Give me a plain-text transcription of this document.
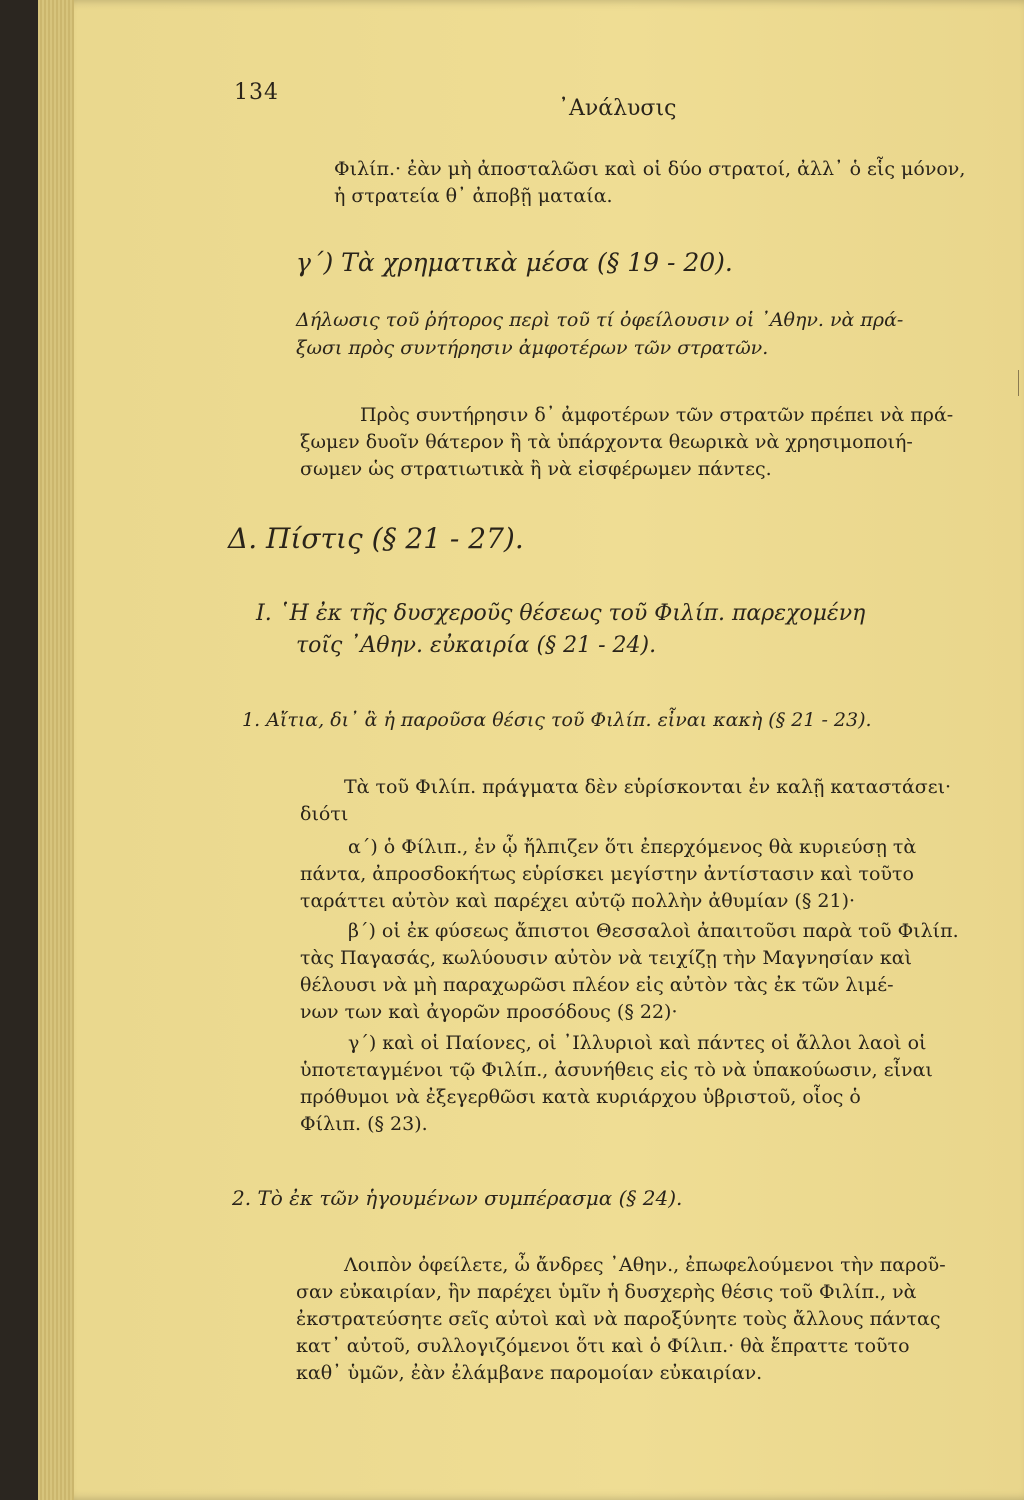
134
᾿Ανάλυσις
Φιλίπ.· ἐὰν μὴ ἀποσταλῶσι καὶ οἱ δύο στρατοί, ἀλλ᾿ ὁ εἷς μόνον,
ἡ στρατεία θ᾿ ἀποβῇ ματαία.
γ΄) Τὰ χρηματικὰ μέσα (§ 19 - 20).
Δήλωσις τοῦ ῥήτορος περὶ τοῦ τί ὀφείλουσιν οἱ ᾿Αθην. νὰ πρά-
ξωσι πρὸς συντήρησιν ἀμφοτέρων τῶν στρατῶν.
Πρὸς συντήρησιν δ᾿ ἀμφοτέρων τῶν στρατῶν πρέπει νὰ πρά-
ξωμεν δυοῖν θάτερον ἢ τὰ ὑπάρχοντα θεωρικὰ νὰ χρησιμοποιή-
σωμεν ὡς στρατιωτικὰ ἢ νὰ εἰσφέρωμεν πάντες.
Δ. Πίστις (§ 21 - 27).
I. ῾Η ἐκ τῆς δυσχεροῦς θέσεως τοῦ Φιλίπ. παρεχομένη
τοῖς ᾿Αθην. εὐκαιρία (§ 21 - 24).
1. Αἴτια, δι᾿ ἃ ἡ παροῦσα θέσις τοῦ Φιλίπ. εἶναι κακὴ (§ 21 - 23).
Τὰ τοῦ Φιλίπ. πράγματα δὲν εὑρίσκονται ἐν καλῇ καταστάσει·
διότι
α΄) ὁ Φίλιπ., ἐν ᾧ ἤλπιζεν ὅτι ἐπερχόμενος θὰ κυριεύσῃ τὰ
πάντα, ἀπροσδοκήτως εὑρίσκει μεγίστην ἀντίστασιν καὶ τοῦτο
ταράττει αὐτὸν καὶ παρέχει αὐτῷ πολλὴν ἀθυμίαν (§ 21)·
β΄) οἱ ἐκ φύσεως ἄπιστοι Θεσσαλοὶ ἀπαιτοῦσι παρὰ τοῦ Φιλίπ.
τὰς Παγασάς, κωλύουσιν αὐτὸν νὰ τειχίζῃ τὴν Μαγνησίαν καὶ
θέλουσι νὰ μὴ παραχωρῶσι πλέον εἰς αὐτὸν τὰς ἐκ τῶν λιμέ-
νων των καὶ ἀγορῶν προσόδους (§ 22)·
γ΄) καὶ οἱ Παίονες, οἱ ᾿Ιλλυριοὶ καὶ πάντες οἱ ἄλλοι λαοὶ οἱ
ὑποτεταγμένοι τῷ Φιλίπ., ἀσυνήθεις εἰς τὸ νὰ ὑπακούωσιν, εἶναι
πρόθυμοι νὰ ἐξεγερθῶσι κατὰ κυριάρχου ὑβριστοῦ, οἷος ὁ
Φίλιπ. (§ 23).
2. Τὸ ἐκ τῶν ἡγουμένων συμπέρασμα (§ 24).
Λοιπὸν ὀφείλετε, ὦ ἄνδρες ᾿Αθην., ἐπωφελούμενοι τὴν παροῦ-
σαν εὐκαιρίαν, ἣν παρέχει ὑμῖν ἡ δυσχερὴς θέσις τοῦ Φιλίπ., νὰ
ἐκστρατεύσητε σεῖς αὐτοὶ καὶ νὰ παροξύνητε τοὺς ἄλλους πάντας
κατ᾿ αὐτοῦ, συλλογιζόμενοι ὅτι καὶ ὁ Φίλιπ.· θὰ ἔπραττε τοῦτο
καθ᾿ ὑμῶν, ἐὰν ἐλάμβανε παρομοίαν εὐκαιρίαν.
